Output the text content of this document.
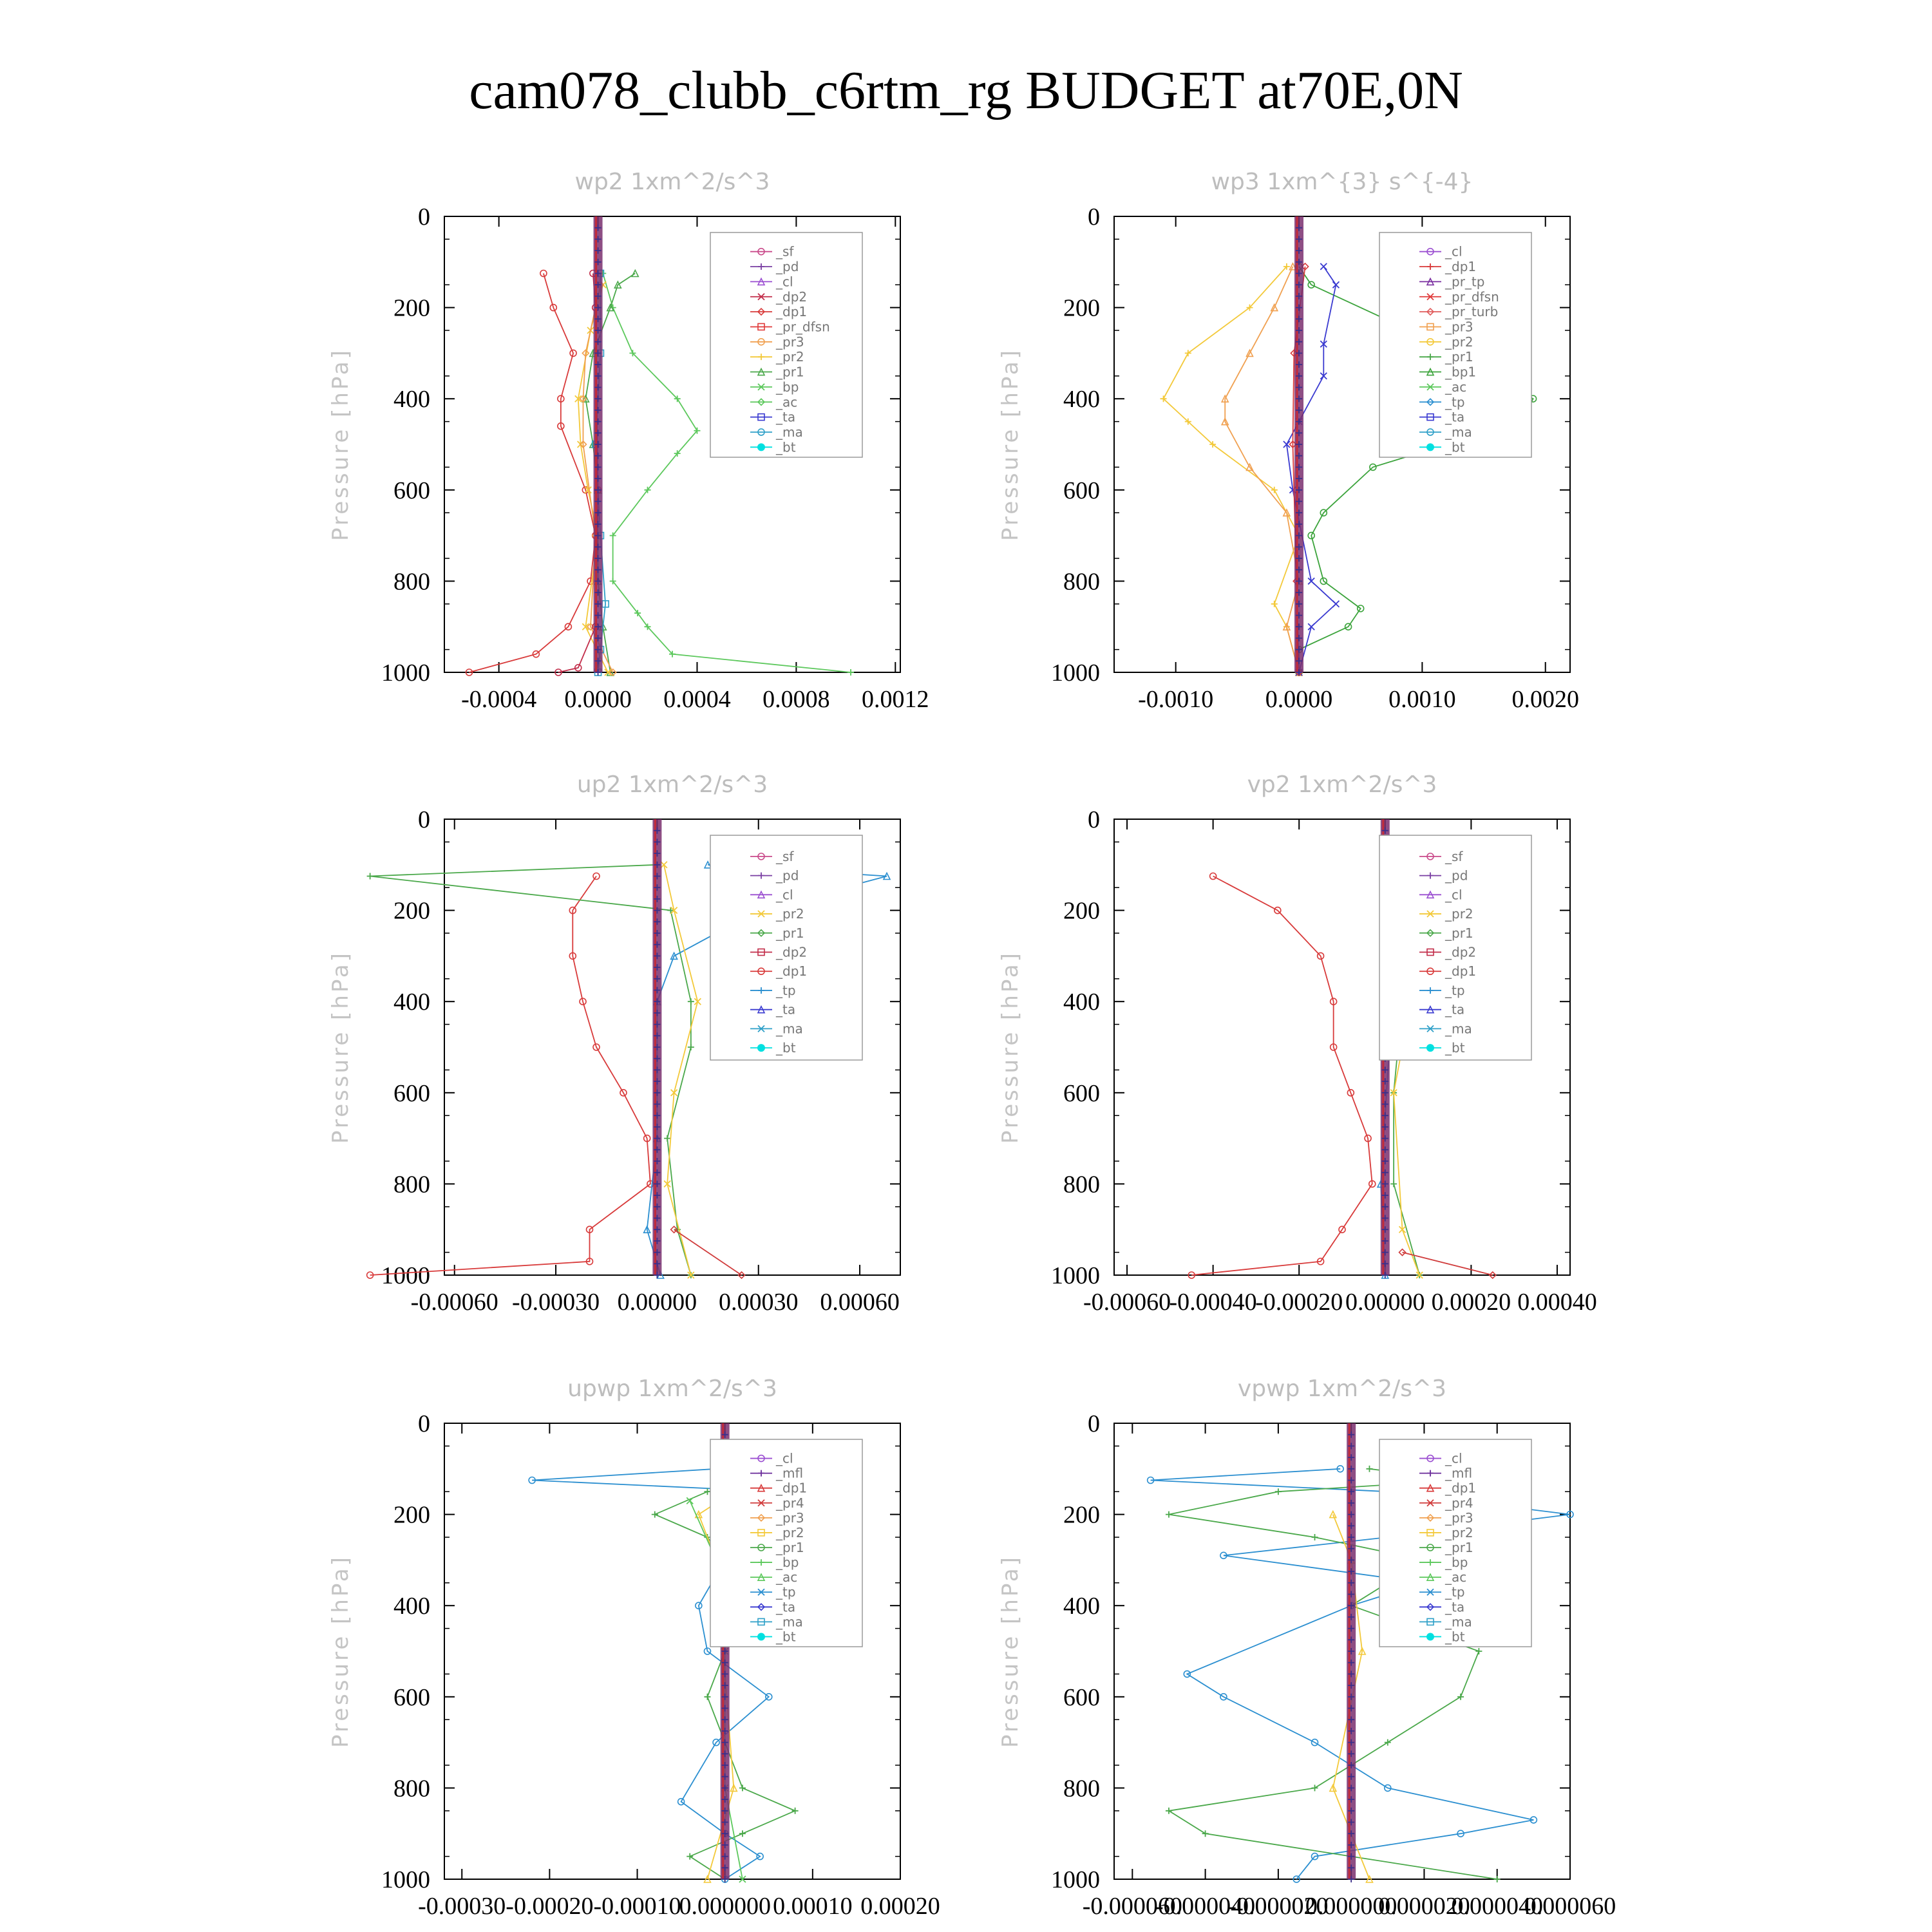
cam078_clubb_c6rtm_rg BUDGET at70E,0N
wp2 1xm^2/s^3
Pressure [hPa]
0
200
400
600
800
1000
-0.0004 0.0000 0.0004 0.0008 0.0012
_sf
_pd
_cl
_dp2
_dp1
_pr_dfsn
_pr3
_pr2
_pr1
_bp
_ac
_ta
_ma
_bt
wp3 1xm^{3} s^{-4}
Pressure [hPa]
0
200
400
600
800
1000
-0.0010 0.0000 0.0010 0.0020
_cl
_dp1
_pr_tp
_pr_dfsn
_pr_turb
_pr3
_pr2
_pr1
_bp1
_ac
_tp
_ta
_ma
_bt
up2 1xm^2/s^3
Pressure [hPa]
0
200
400
600
800
1000
-0.00060 -0.00030 0.00000 0.00030 0.00060
_sf
_pd
_cl
_pr2
_pr1
_dp2
_dp1
_tp
_ta
_ma
_bt
vp2 1xm^2/s^3
Pressure [hPa]
0
200
400
600
800
1000
-0.00060
-0.00040
-0.00020 0.00000 0.00020 0.00040
_sf
_pd
_cl
_pr2
_pr1
_dp2
_dp1
_tp
_ta
_ma
_bt
upwp 1xm^2/s^3
Pressure [hPa]
0
200
400
600
800
1000
-0.00030 -0.00020 -0.00010
0.000000 0.00010 0.00020
_cl
_mfl
_dp1
_pr4
_pr3
_pr2
_pr1
_bp
_ac
_tp
_ta
_ma
_bt
vpwp 1xm^2/s^3
Pressure [hPa]
0
200
400
600
800
1000
-0.000060
-0.000040
-0.000020
0.000000
0.000020
0.000040
0.000060
_cl
_mfl
_dp1
_pr4
_pr3
_pr2
_pr1
_bp
_ac
_tp
_ta
_ma
_bt
